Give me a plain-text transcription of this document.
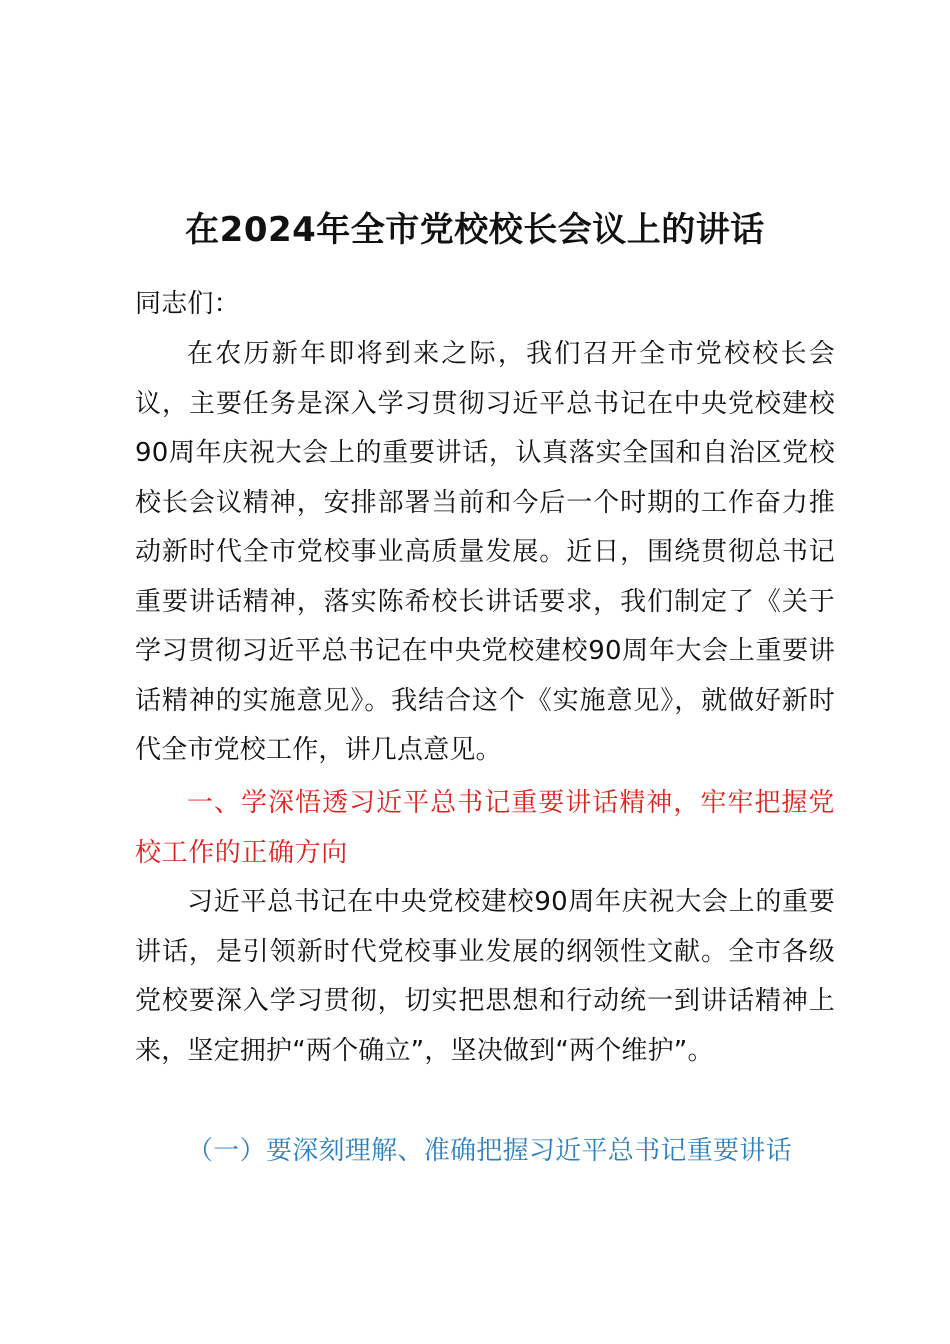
在2024年全市党校校长会议上的讲话
同志们：
在农历新年即将到来之际，我们召开全市党校校长会议，主要任务是深入学习贯彻习近平总书记在中央党校建校90周年庆祝大会上的重要讲话，认真落实全国和自治区党校校长会议精神，安排部署当前和今后一个时期的工作奋力推动新时代全市党校事业高质量发展。近日，围绕贯彻总书记重要讲话精神，落实陈希校长讲话要求，我们制定了《关于学习贯彻习近平总书记在中央党校建校90周年大会上重要讲话精神的实施意见》。我结合这个《实施意见》，就做好新时代全市党校工作，讲几点意见。
一、学深悟透习近平总书记重要讲话精神，牢牢把握党校工作的正确方向
习近平总书记在中央党校建校90周年庆祝大会上的重要讲话，是引领新时代党校事业发展的纲领性文献。全市各级党校要深入学习贯彻，切实把思想和行动统一到讲话精神上来，坚定拥护“两个确立”，坚决做到“两个维护”。
（一）要深刻理解、准确把握习近平总书记重要讲话
